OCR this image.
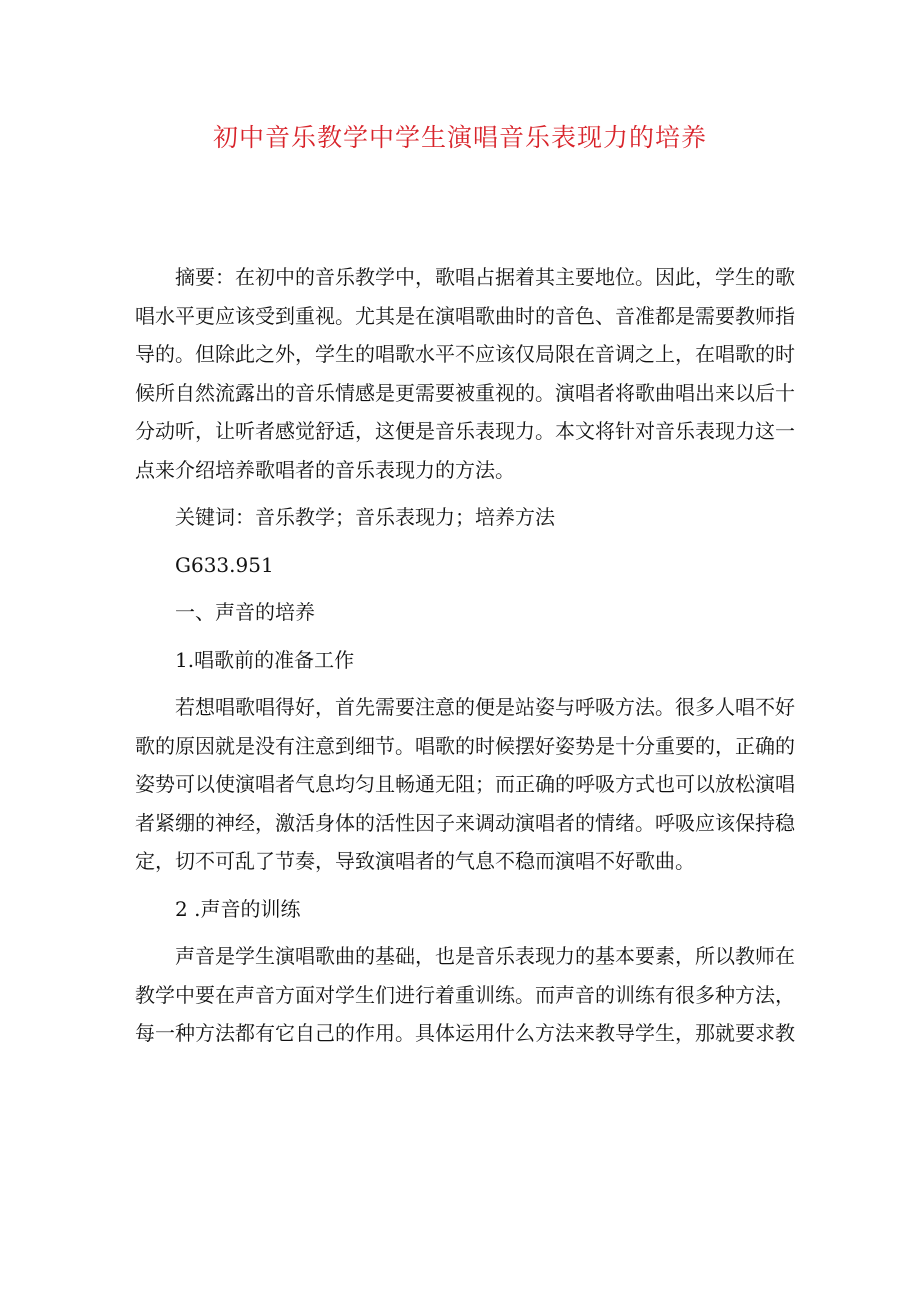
初中音乐教学中学生演唱音乐表现力的培养

摘要：在初中的音乐教学中，歌唱占据着其主要地位。因此，学生的歌唱水平更应该受到重视。尤其是在演唱歌曲时的音色、音准都是需要教师指导的。但除此之外，学生的唱歌水平不应该仅局限在音调之上，在唱歌的时候所自然流露出的音乐情感是更需要被重视的。演唱者将歌曲唱出来以后十分动听，让听者感觉舒适，这便是音乐表现力。本文将针对音乐表现力这一点来介绍培养歌唱者的音乐表现力的方法。

关键词：音乐教学；音乐表现力；培养方法

G633.951

一、声音的培养

1.唱歌前的准备工作

若想唱歌唱得好，首先需要注意的便是站姿与呼吸方法。很多人唱不好歌的原因就是没有注意到细节。唱歌的时候摆好姿势是十分重要的，正确的姿势可以使演唱者气息均匀且畅通无阻；而正确的呼吸方式也可以放松演唱者紧绷的神经，激活身体的活性因子来调动演唱者的情绪。呼吸应该保持稳定，切不可乱了节奏，导致演唱者的气息不稳而演唱不好歌曲。

2 .声音的训练

声音是学生演唱歌曲的基础，也是音乐表现力的基本要素，所以教师在教学中要在声音方面对学生们进行着重训练。而声音的训练有很多种方法，每一种方法都有它自己的作用。具体运用什么方法来教导学生，那就要求教
